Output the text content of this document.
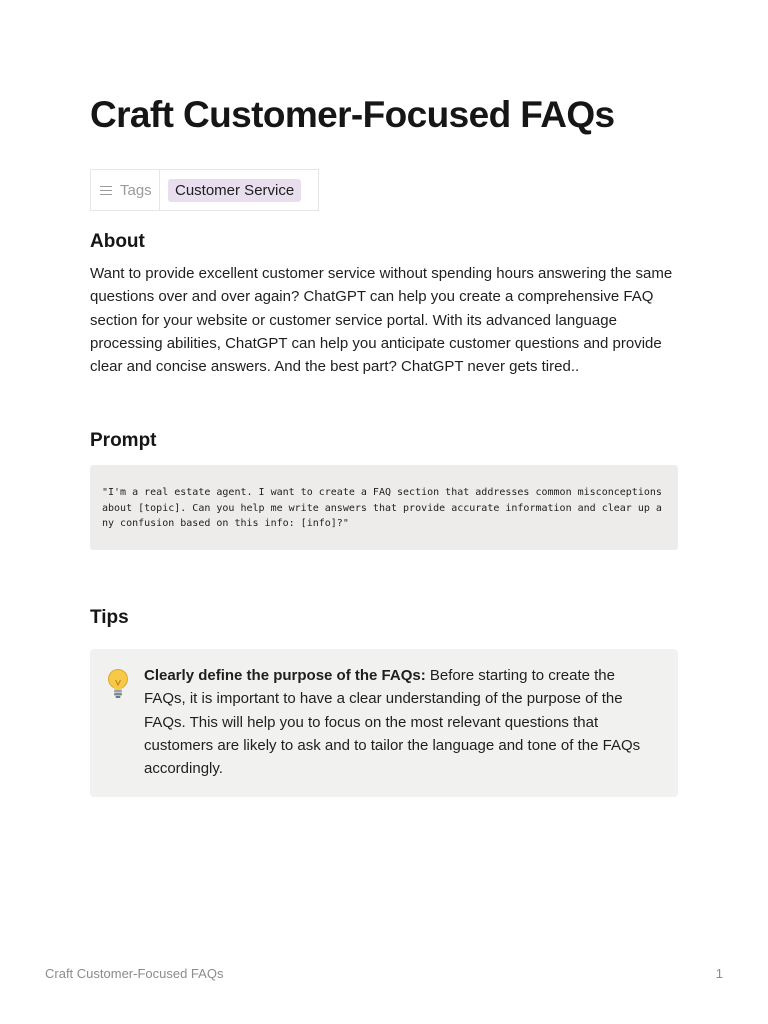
Craft Customer-Focused FAQs
Tags	Customer Service
About

Want to provide excellent customer service without spending hours answering the same questions over and over again? ChatGPT can help you create a comprehensive FAQ section for your website or customer service portal. With its advanced language processing abilities, ChatGPT can help you anticipate customer questions and provide clear and concise answers. And the best part? ChatGPT never gets tired..

Prompt
"I'm a real estate agent. I want to create a FAQ section that addresses common misconceptions about [topic]. Can you help me write answers that provide accurate information and clear up any confusion based on this info: [info]?"
Tips
Clearly define the purpose of the FAQs: Before starting to create the FAQs, it is important to have a clear understanding of the purpose of the FAQs. This will help you to focus on the most relevant questions that customers are likely to ask and to tailor the language and tone of the FAQs accordingly.
Craft Customer-Focused FAQs	1
